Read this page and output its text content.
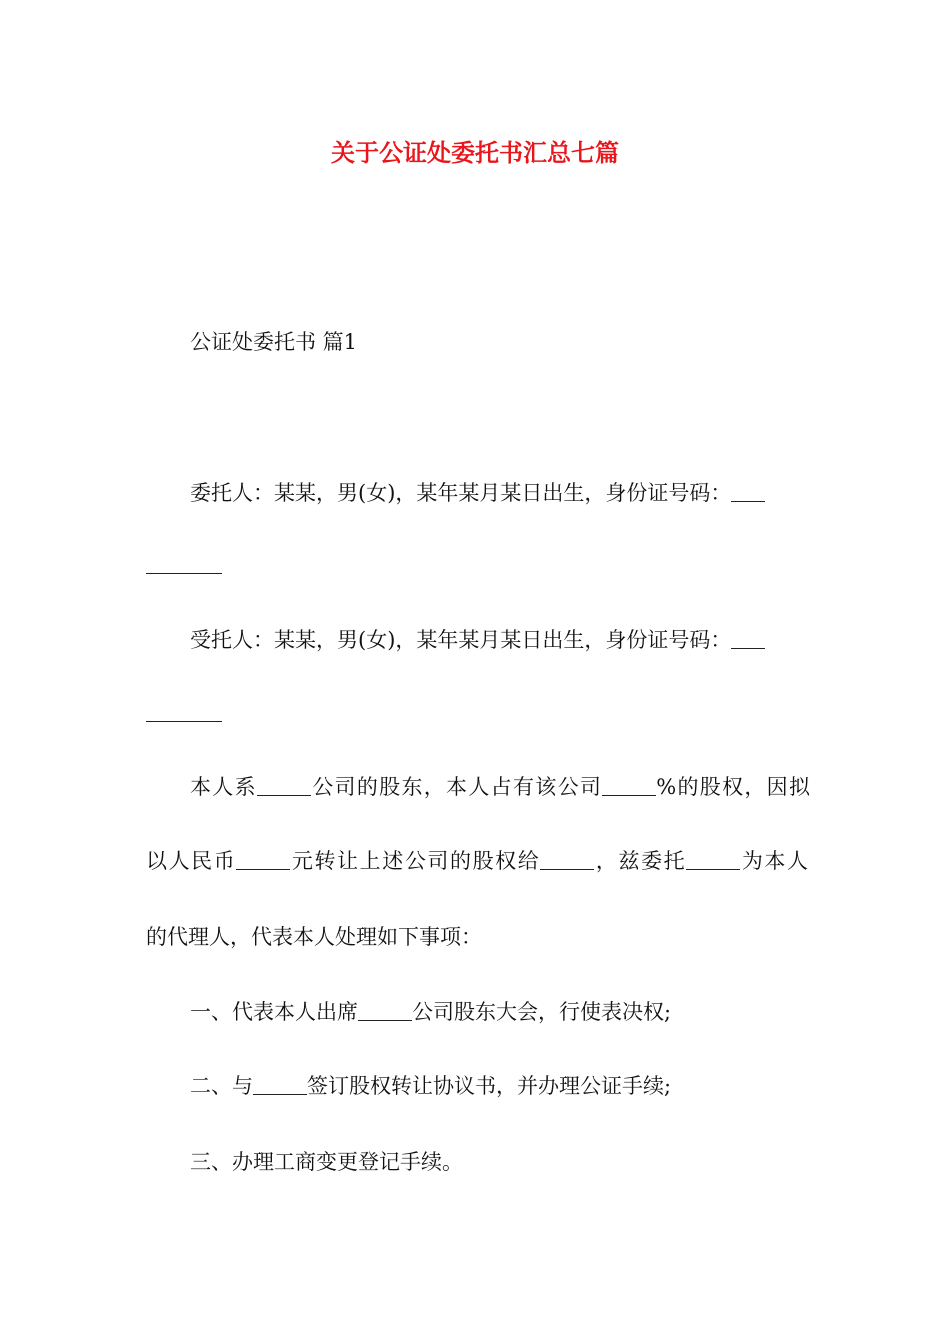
关于公证处委托书汇总七篇
公证处委托书 篇1
委托人：某某，男(女)，某年某月某日出生，身份证号码：
受托人：某某，男(女)，某年某月某日出生，身份证号码：
本人系	公司的股东，本人占有该公司	%的股权，因拟
以人民币	元转让上述公司的股权给	，兹委托	为本人
的代理人，代表本人处理如下事项：
一、代表本人出席	公司股东大会，行使表决权;
二、与	签订股权转让协议书，并办理公证手续;
三、办理工商变更登记手续。
